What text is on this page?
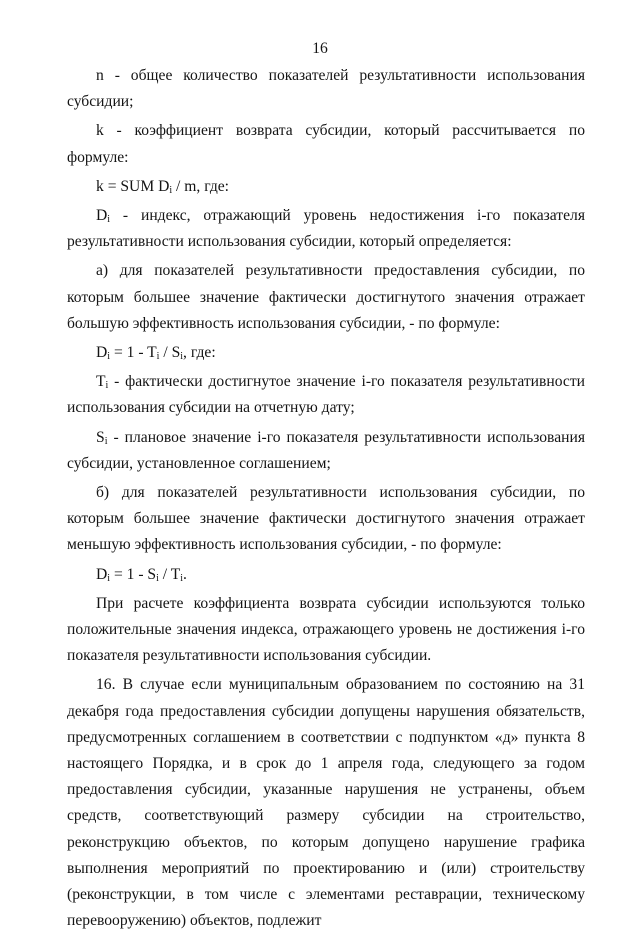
16

n - общее количество показателей результативности использования субсидии;

k - коэффициент возврата субсидии, который рассчитывается по формуле:

k = SUM $D_i$ / m, где:

$D_i$ - индекс, отражающий уровень недостижения i-го показателя результативности использования субсидии, который определяется:

а) для показателей результативности предоставления субсидии, по которым большее значение фактически достигнутого значения отражает большую эффективность использования субсидии, - по формуле:

$D_i = 1 - T_i / S_i$, где:

$T_i$ - фактически достигнутое значение i-го показателя результативности использования субсидии на отчетную дату;

$S_i$ - плановое значение i-го показателя результативности использования субсидии, установленное соглашением;

б) для показателей результативности использования субсидии, по которым большее значение фактически достигнутого значения отражает меньшую эффективность использования субсидии, - по формуле:

$D_i = 1 - S_i / T_i$.

При расчете коэффициента возврата субсидии используются только положительные значения индекса, отражающего уровень не достижения i-го показателя результативности использования субсидии.

16. В случае если муниципальным образованием по состоянию на 31 декабря года предоставления субсидии допущены нарушения обязательств, предусмотренных соглашением в соответствии с подпунктом «д» пункта 8 настоящего Порядка, и в срок до 1 апреля года, следующего за годом предоставления субсидии, указанные нарушения не устранены, объем средств, соответствующий размеру субсидии на строительство, реконструкцию объектов, по которым допущено нарушение графика выполнения мероприятий по проектированию и (или) строительству (реконструкции, в том числе с элементами реставрации, техническому перевооружению) объектов, подлежит
